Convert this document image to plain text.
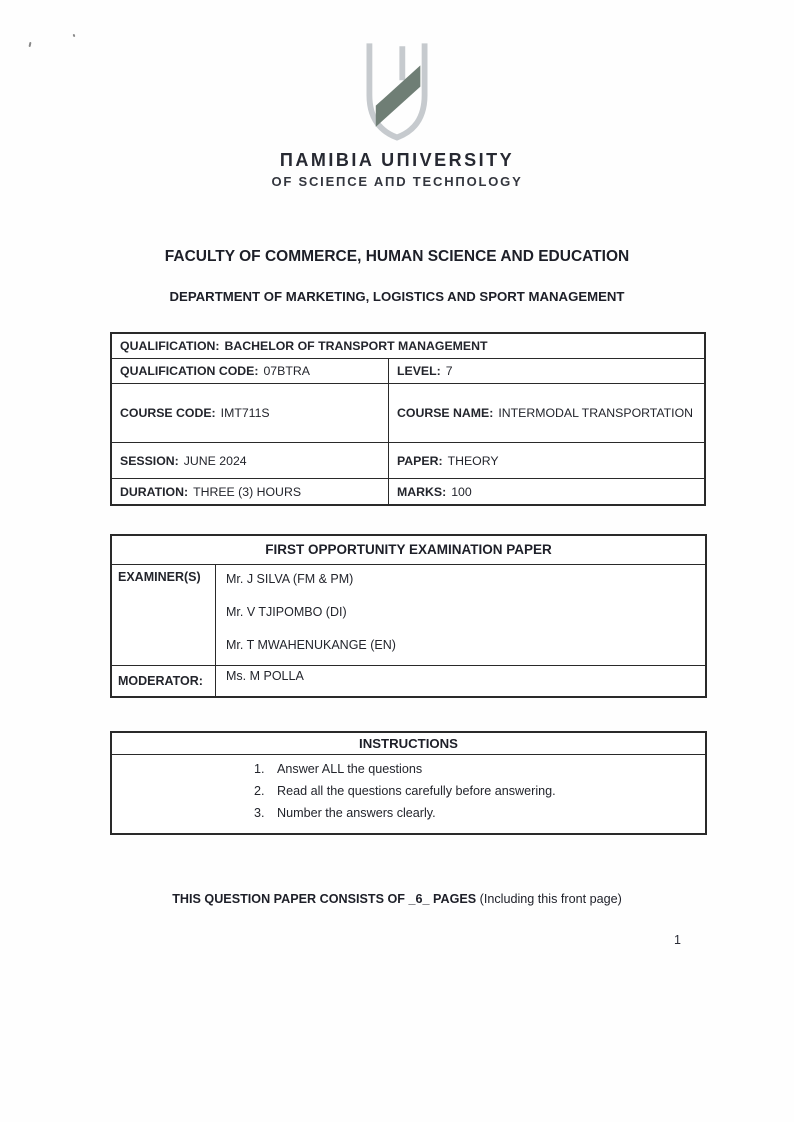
ΠAMIBIA UΠIVERSITY
OF SCIEΠCE AΠD TECHΠOLOGY
FACULTY OF COMMERCE, HUMAN SCIENCE AND EDUCATION
DEPARTMENT OF MARKETING, LOGISTICS AND SPORT MANAGEMENT
QUALIFICATION: BACHELOR OF TRANSPORT MANAGEMENT
QUALIFICATION CODE: 07BTRA	LEVEL: 7
COURSE CODE: IMT711S	COURSE NAME: INTERMODAL TRANSPORTATION
SESSION: JUNE 2024	PAPER: THEORY
DURATION: THREE (3) HOURS	MARKS: 100
FIRST OPPORTUNITY EXAMINATION PAPER
EXAMINER(S)	Mr. J SILVA (FM & PM)
Mr. V TJIPOMBO (DI)
Mr. T MWAHENUKANGE (EN)
MODERATOR:	Ms. M POLLA
INSTRUCTIONS
1. Answer ALL the questions
2. Read all the questions carefully before answering.
3. Number the answers clearly.
THIS QUESTION PAPER CONSISTS OF _6_ PAGES (Including this front page)
1
